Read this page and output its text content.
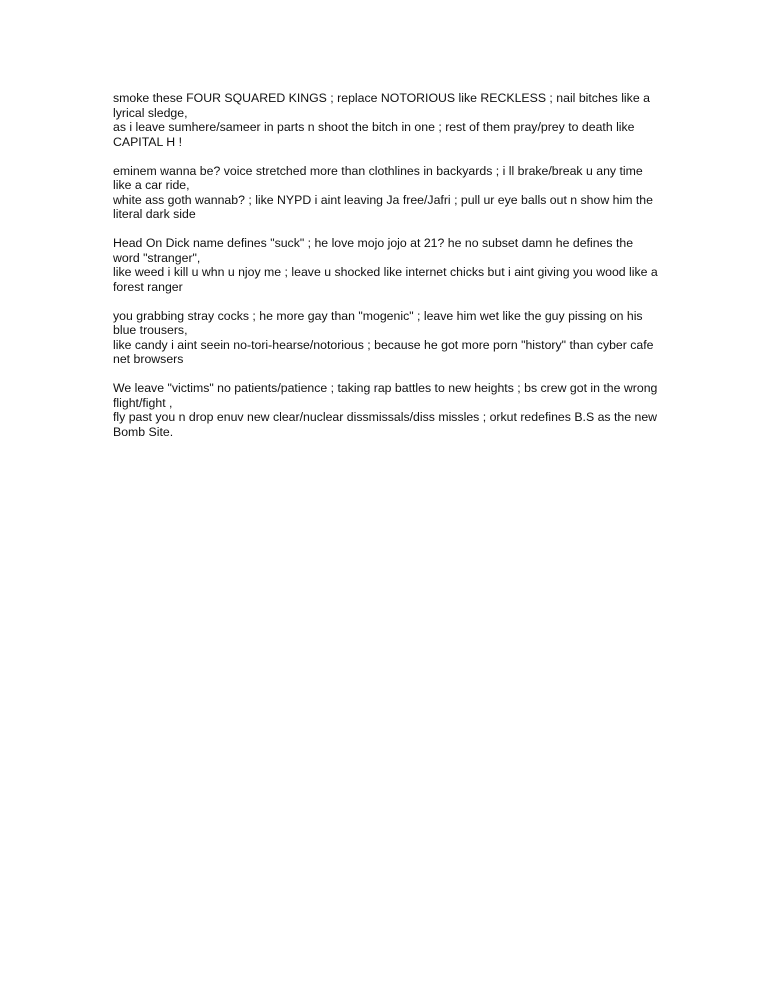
smoke these FOUR SQUARED KINGS ; replace NOTORIOUS like RECKLESS ; nail bitches like a lyrical sledge,
as i leave sumhere/sameer in parts n shoot the bitch in one ; rest of them pray/prey to death like CAPITAL H !
eminem wanna be? voice stretched more than clothlines in backyards ; i ll brake/break u any time like a car ride,
white ass goth wannab? ; like NYPD i aint leaving Ja free/Jafri ; pull ur eye balls out n show him the literal dark side
Head On Dick name defines "suck" ; he love mojo jojo at 21? he no subset damn he defines the word "stranger",
like weed i kill u whn u njoy me ; leave u shocked like internet chicks but i aint giving you wood like a forest ranger
you grabbing stray cocks ; he more gay than "mogenic" ; leave him wet like the guy pissing on his blue trousers,
like candy i aint seein no-tori-hearse/notorious ; because he got more porn "history" than cyber cafe net browsers
We leave "victims" no patients/patience ; taking rap battles to new heights ; bs crew got in the wrong flight/fight ,
fly past you n drop enuv new clear/nuclear dissmissals/diss missles ; orkut redefines B.S as the new Bomb Site.
